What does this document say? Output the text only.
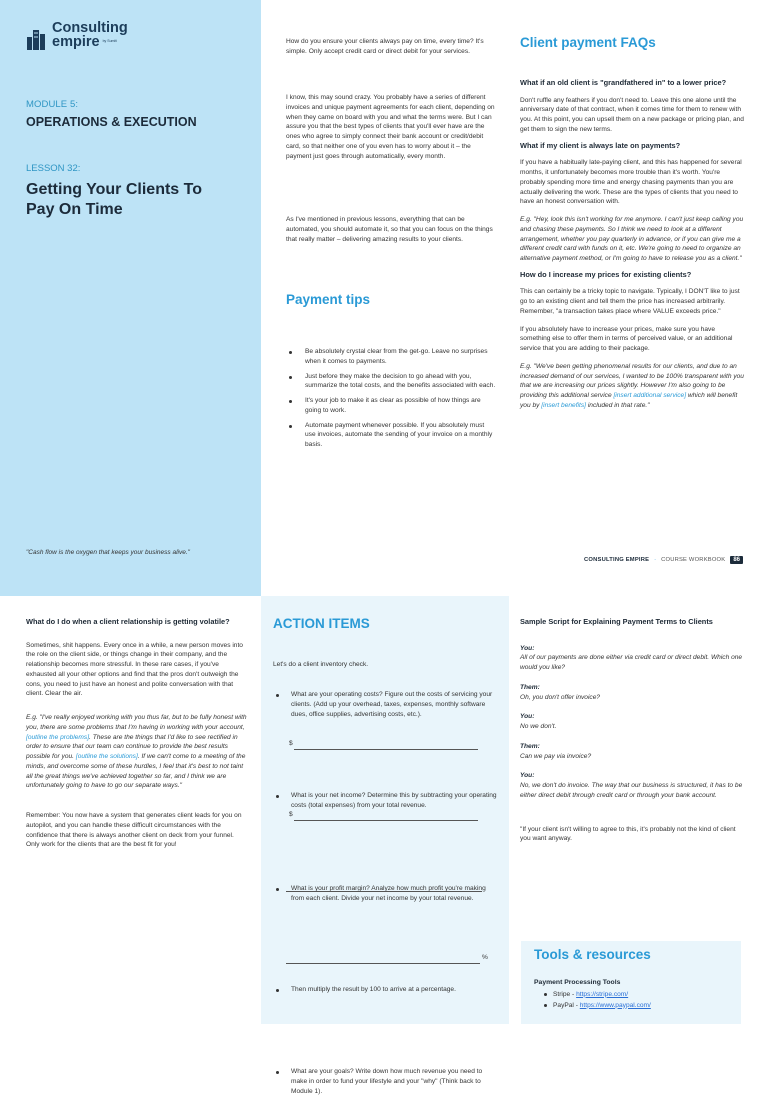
Consulting
empire by Sumiti
MODULE 5:
OPERATIONS & EXECUTION
LESSON 32:
Getting Your Clients To Pay On Time
"Cash flow is the oxygen that keeps your business alive."

How do you ensure your clients always pay on time, every time? It's simple. Only accept credit card or direct debit for your services.

I know, this may sound crazy. You probably have a series of different invoices and unique payment agreements for each client, depending on when they came on board with you and what the terms were. But I can assure you that the best types of clients that you'll ever have are the ones who agree to simply connect their bank account or credit/debit card, so that neither one of you even has to worry about it – the payment just goes through automatically, every month.

As I've mentioned in previous lessons, everything that can be automated, you should automate it, so that you can focus on the things that really matter – delivering amazing results to your clients.

Payment tips
Be absolutely crystal clear from the get-go. Leave no surprises when it comes to payments.
Just before they make the decision to go ahead with you, summarize the total costs, and the benefits associated with each.
It's your job to make it as clear as possible of how things are going to work.
Automate payment whenever possible. If you absolutely must use invoices, automate the sending of your invoice on a monthly basis.
Client payment FAQs

What if an old client is "grandfathered in" to a lower price?

Don't ruffle any feathers if you don't need to. Leave this one alone until the anniversary date of that contract, when it comes time for them to renew with you. At this point, you can upsell them on a new package or pricing plan, and get them to sign the new terms.

What if my client is always late on payments?

If you have a habitually late-paying client, and this has happened for several months, it unfortunately becomes more trouble than it's worth. You're probably spending more time and energy chasing payments than you are actually delivering the work. These are the types of clients that you need to have an honest conversation with.

E.g. "Hey, look this isn't working for me anymore. I can't just keep calling you and chasing these payments. So I think we need to look at a different arrangement, whether you pay quarterly in advance, or if you can give me a different credit card with funds on it, etc. We're going to need to organize an alternative payment method, or I'm going to have to release you as a client."

How do I increase my prices for existing clients?

This can certainly be a tricky topic to navigate. Typically, I DON'T like to just go to an existing client and tell them the price has increased arbitrarily. Remember, "a transaction takes place where VALUE exceeds price."

If you absolutely have to increase your prices, make sure you have something else to offer them in terms of perceived value, or an additional service that you are adding to their package.

E.g. "We've been getting phenomenal results for our clients, and due to an increased demand of our services, I wanted to be 100% transparent with you that we are increasing our prices slightly. However I'm also going to be providing this additional service [insert additional service] which will benefit you by [insert benefits] included in that rate."

CONSULTING EMPIRE · COURSE WORKBOOK	86

What do I do when a client relationship is getting volatile?

Sometimes, shit happens. Every once in a while, a new person moves into the role on the client side, or things change in their company, and the relationship becomes more stressful. In these rare cases, if you've exhausted all your other options and find that the pros don't outweigh the cons, you need to just have an honest and polite conversation with that client. Clear the air.

E.g. "I've really enjoyed working with you thus far, but to be fully honest with you, there are some problems that I'm having in working with your account, [outline the problems]. These are the things that I'd like to see rectified in order to ensure that our team can continue to provide the best results possible for you. [outline the solutions]. If we can't come to a meeting of the minds, and overcome some of these hurdles, I feel that it's best to not taint all the great things we've achieved together so far, and I think we are unfortunately going to have to go our separate ways."

Remember: You now have a system that generates client leads for you on autopilot, and you can handle these difficult circumstances with the confidence that there is always another client on deck from your funnel. Only work for the clients that are the best fit for you!

ACTION ITEMS
Let's do a client inventory check.
What are your operating costs? Figure out the costs of servicing your clients. (Add up your overhead, taxes, expenses, monthly software dues, office supplies, advertising costs, etc.).
What is your net income? Determine this by subtracting your operating costs (total expenses) from your total revenue.
What is your profit margin? Analyze how much profit you're making from each client. Divide your net income by your total revenue.
Then multiply the result by 100 to arrive at a percentage.
What are your goals? Write down how much revenue you need to make in order to fund your lifestyle and your "why" (Think back to Module 1).
$
$
%

Sample Script for Explaining Payment Terms to Clients

You:

All of our payments are done either via credit card or direct debit. Which one would you like?

Them:

Oh, you don't offer invoice?

You:

No we don't.

Them:

Can we pay via invoice?

You:

No, we don't do invoice. The way that our business is structured, it has to be either direct debit through credit card or through your bank account.

"If your client isn't willing to agree to this, it's probably not the kind of client you want anyway.

Tools & resources

Payment Processing Tools

Stripe - https://stripe.com/
PayPal - https://www.paypal.com/
